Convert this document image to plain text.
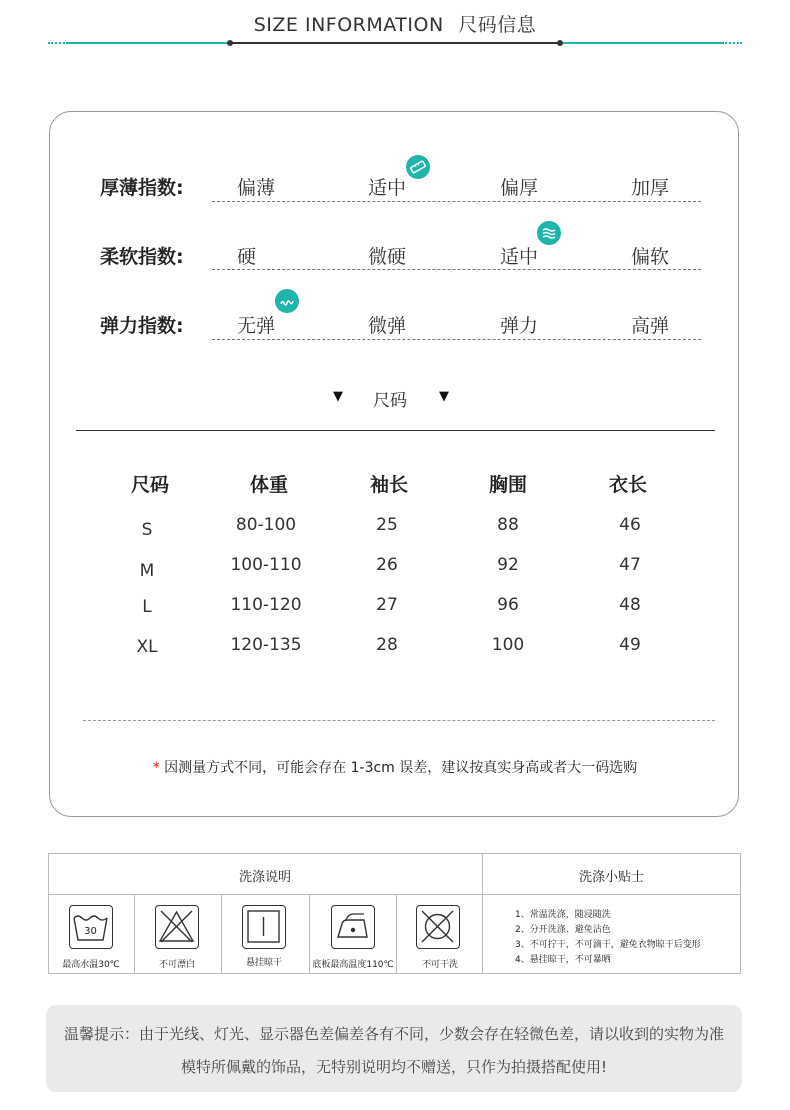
SIZE INFORMATION 尺码信息
厚薄指数:	偏薄	适中	偏厚	加厚
柔软指数:	硬	微硬	适中	偏软
弹力指数:	无弹	微弹	弹力	高弹
▼ 尺码 ▼
尺码	体重	袖长	胸围	衣长
S	80-100	25	88	46
M	100-110	26	92	47
L	110-120	27	96	48
XL	120-135	28	100	49
* 因测量方式不同，可能会存在 1-3cm 误差，建议按真实身高或者大一码选购
洗涤说明	洗涤小贴士
30
最高水温30℃	不可漂白	悬挂晾干	底板最高温度110℃	不可干洗
1、常温洗涤，随浸随洗
2、分开洗涤、避免沾色
3、不可拧干，不可滴干，避免衣物晾干后变形
4、悬挂晾干，不可暴晒
温馨提示：由于光线、灯光、显示器色差偏差各有不同，少数会存在轻微色差，请以收到的实物为准
模特所佩戴的饰品，无特别说明均不赠送，只作为拍摄搭配使用!
